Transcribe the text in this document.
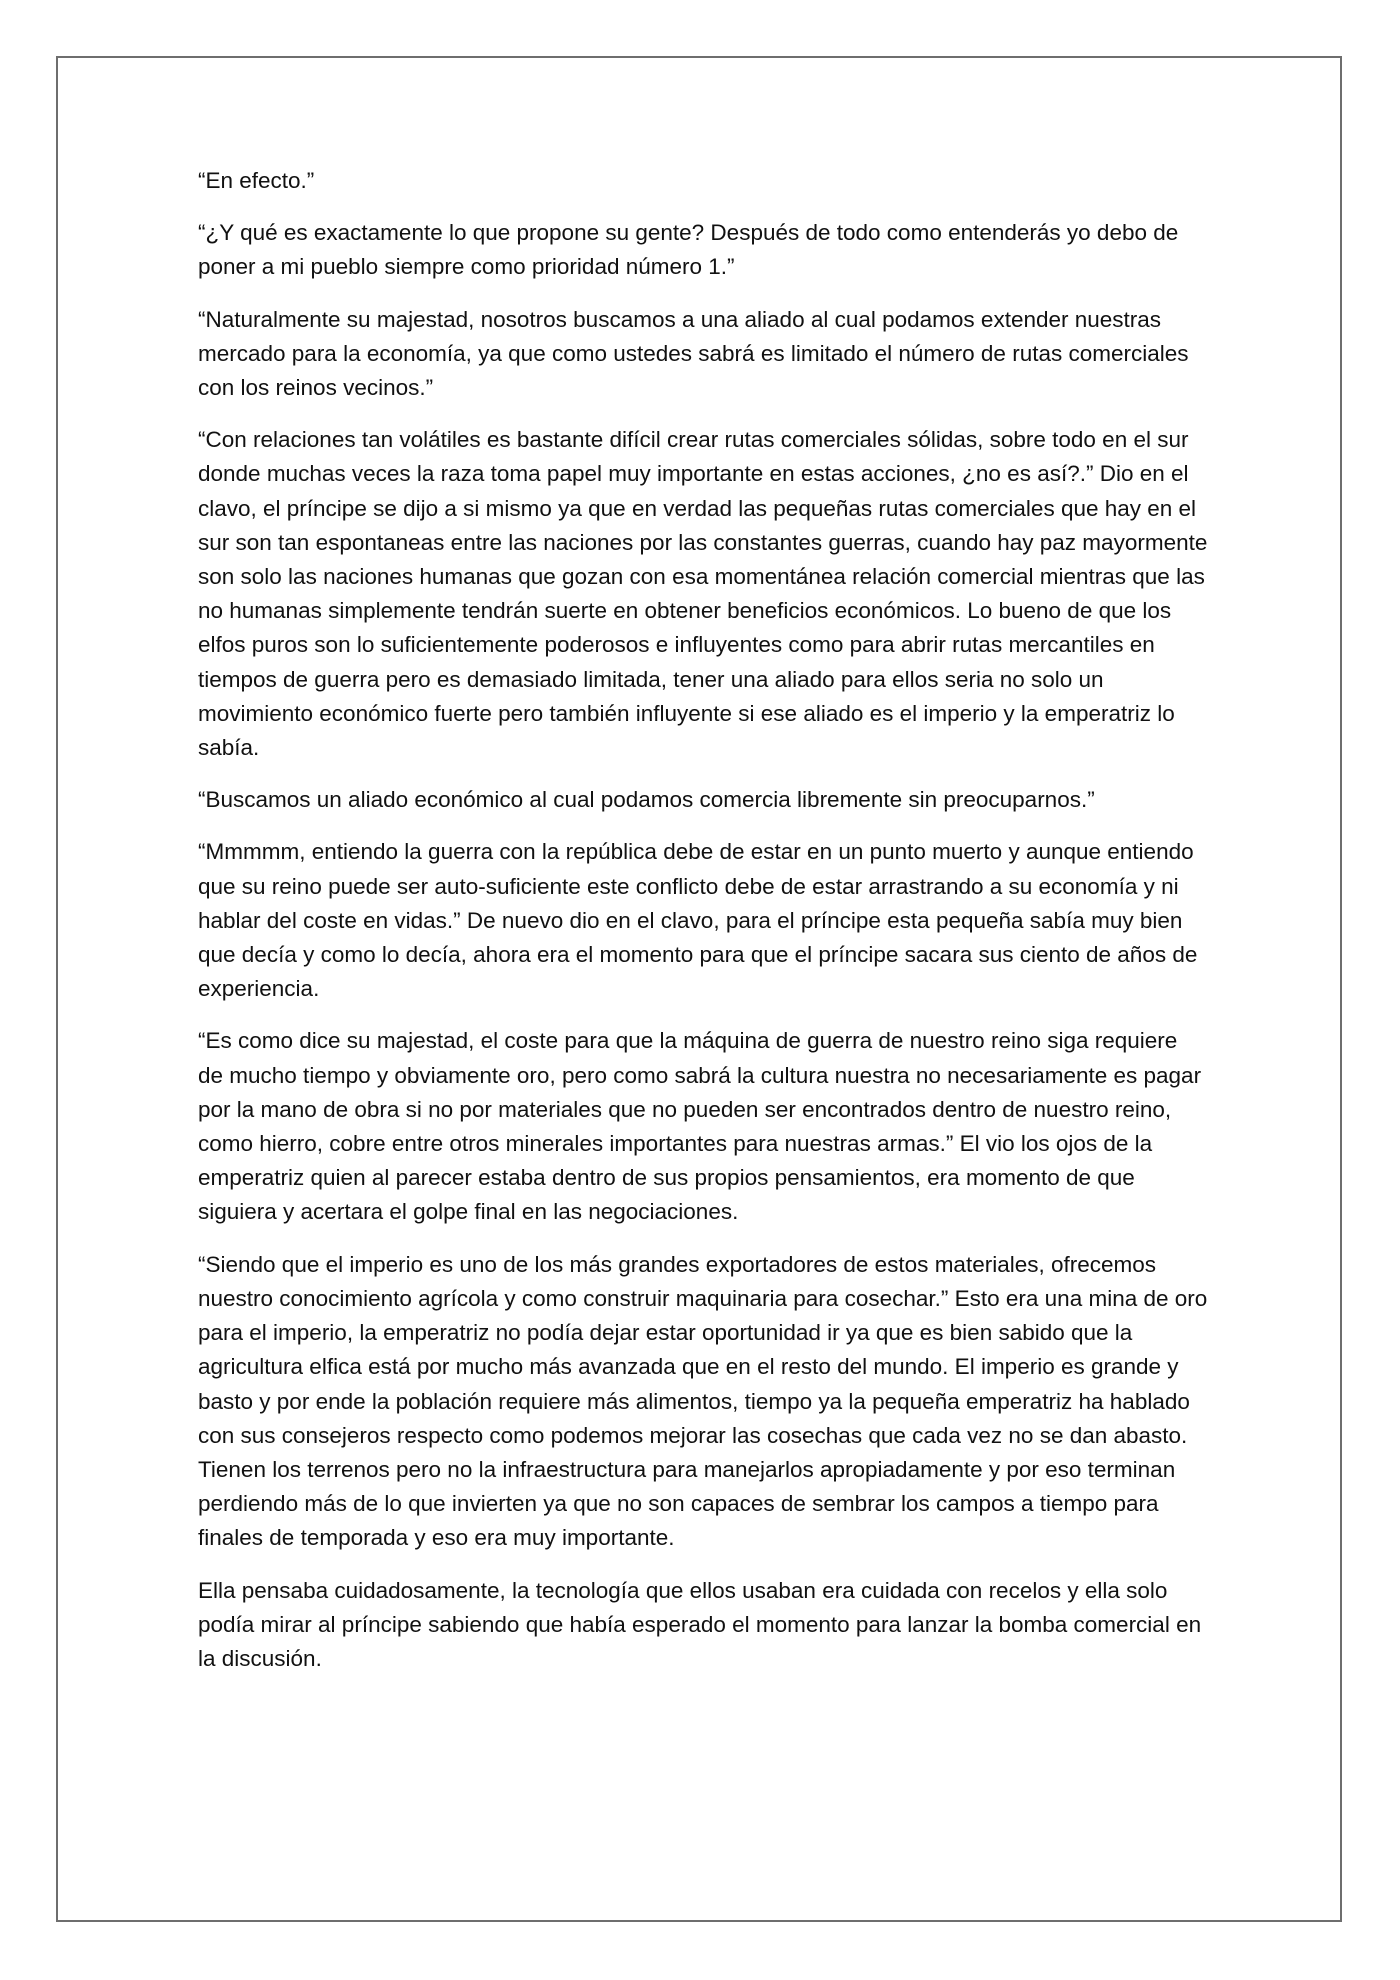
“En efecto.”

“¿Y qué es exactamente lo que propone su gente? Después de todo como entenderás yo debo de poner a mi pueblo siempre como prioridad número 1.”

“Naturalmente su majestad, nosotros buscamos a una aliado al cual podamos extender nuestras mercado para la economía, ya que como ustedes sabrá es limitado el número de rutas comerciales con los reinos vecinos.”

“Con relaciones tan volátiles es bastante difícil crear rutas comerciales sólidas, sobre todo en el sur donde muchas veces la raza toma papel muy importante en estas acciones, ¿no es así?.” Dio en el clavo, el príncipe se dijo a si mismo ya que en verdad las pequeñas rutas comerciales que hay en el sur son tan espontaneas entre las naciones por las constantes guerras, cuando hay paz mayormente son solo las naciones humanas que gozan con esa momentánea relación comercial mientras que las no humanas simplemente tendrán suerte en obtener beneficios económicos. Lo bueno de que los elfos puros son lo suficientemente poderosos e influyentes como para abrir rutas mercantiles en tiempos de guerra pero es demasiado limitada, tener una aliado para ellos seria no solo un movimiento económico fuerte pero también influyente si ese aliado es el imperio y la emperatriz lo sabía.

“Buscamos un aliado económico al cual podamos comercia libremente sin preocuparnos.”

“Mmmmm, entiendo la guerra con la república debe de estar en un punto muerto y aunque entiendo que su reino puede ser auto-suficiente este conflicto debe de estar arrastrando a su economía y ni hablar del coste en vidas.” De nuevo dio en el clavo, para el príncipe esta pequeña sabía muy bien que decía y como lo decía, ahora era el momento para que el príncipe sacara sus ciento de años de experiencia.

“Es como dice su majestad, el coste para que la máquina de guerra de nuestro reino siga requiere de mucho tiempo y obviamente oro, pero como sabrá la cultura nuestra no necesariamente es pagar por la mano de obra si no por materiales que no pueden ser encontrados dentro de nuestro reino, como hierro, cobre entre otros minerales importantes para nuestras armas.” El vio los ojos de la emperatriz quien al parecer estaba dentro de sus propios pensamientos, era momento de que siguiera y acertara el golpe final en las negociaciones.

“Siendo que el imperio es uno de los más grandes exportadores de estos materiales, ofrecemos nuestro conocimiento agrícola y como construir maquinaria para cosechar.” Esto era una mina de oro para el imperio, la emperatriz no podía dejar estar oportunidad ir ya que es bien sabido que la agricultura elfica está por mucho más avanzada que en el resto del mundo. El imperio es grande y basto y por ende la población requiere más alimentos, tiempo ya la pequeña emperatriz ha hablado con sus consejeros respecto como podemos mejorar las cosechas que cada vez no se dan abasto. Tienen los terrenos pero no la infraestructura para manejarlos apropiadamente y por eso terminan perdiendo más de lo que invierten ya que no son capaces de sembrar los campos a tiempo para finales de temporada y eso era muy importante.

Ella pensaba cuidadosamente, la tecnología que ellos usaban era cuidada con recelos y ella solo podía mirar al príncipe sabiendo que había esperado el momento para lanzar la bomba comercial en la discusión.
